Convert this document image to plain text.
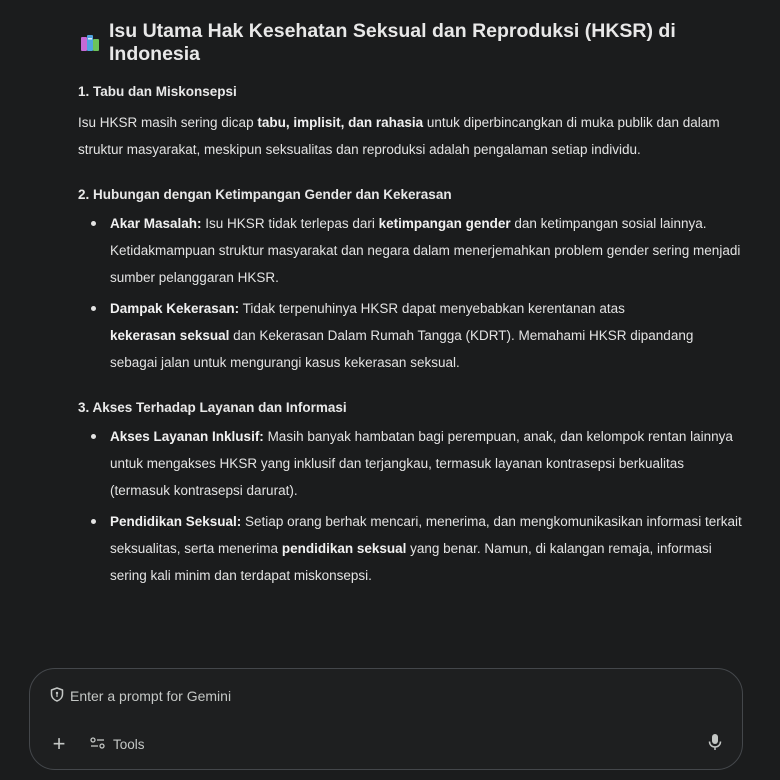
Isu Utama Hak Kesehatan Seksual dan Reproduksi (HKSR) di Indonesia
1. Tabu dan Miskonsepsi

Isu HKSR masih sering dicap tabu, implisit, dan rahasia untuk diperbincangkan di muka publik dan dalam struktur masyarakat, meskipun seksualitas dan reproduksi adalah pengalaman setiap individu.

2. Hubungan dengan Ketimpangan Gender dan Kekerasan
Akar Masalah: Isu HKSR tidak terlepas dari ketimpangan gender dan ketimpangan sosial lainnya. Ketidakmampuan struktur masyarakat dan negara dalam menerjemahkan problem gender sering menjadi sumber pelanggaran HKSR.
Dampak Kekerasan: Tidak terpenuhinya HKSR dapat menyebabkan kerentanan atas
kekerasan seksual dan Kekerasan Dalam Rumah Tangga (KDRT). Memahami HKSR dipandang sebagai jalan untuk mengurangi kasus kekerasan seksual.
3. Akses Terhadap Layanan dan Informasi
Akses Layanan Inklusif: Masih banyak hambatan bagi perempuan, anak, dan kelompok rentan lainnya untuk mengakses HKSR yang inklusif dan terjangkau, termasuk layanan kontrasepsi berkualitas (termasuk kontrasepsi darurat).
Pendidikan Seksual: Setiap orang berhak mencari, menerima, dan mengkomunikasikan informasi terkait seksualitas, serta menerima pendidikan seksual yang benar. Namun, di kalangan remaja, informasi sering kali minim dan terdapat miskonsepsi.
Enter a prompt for Gemini
+	Tools
